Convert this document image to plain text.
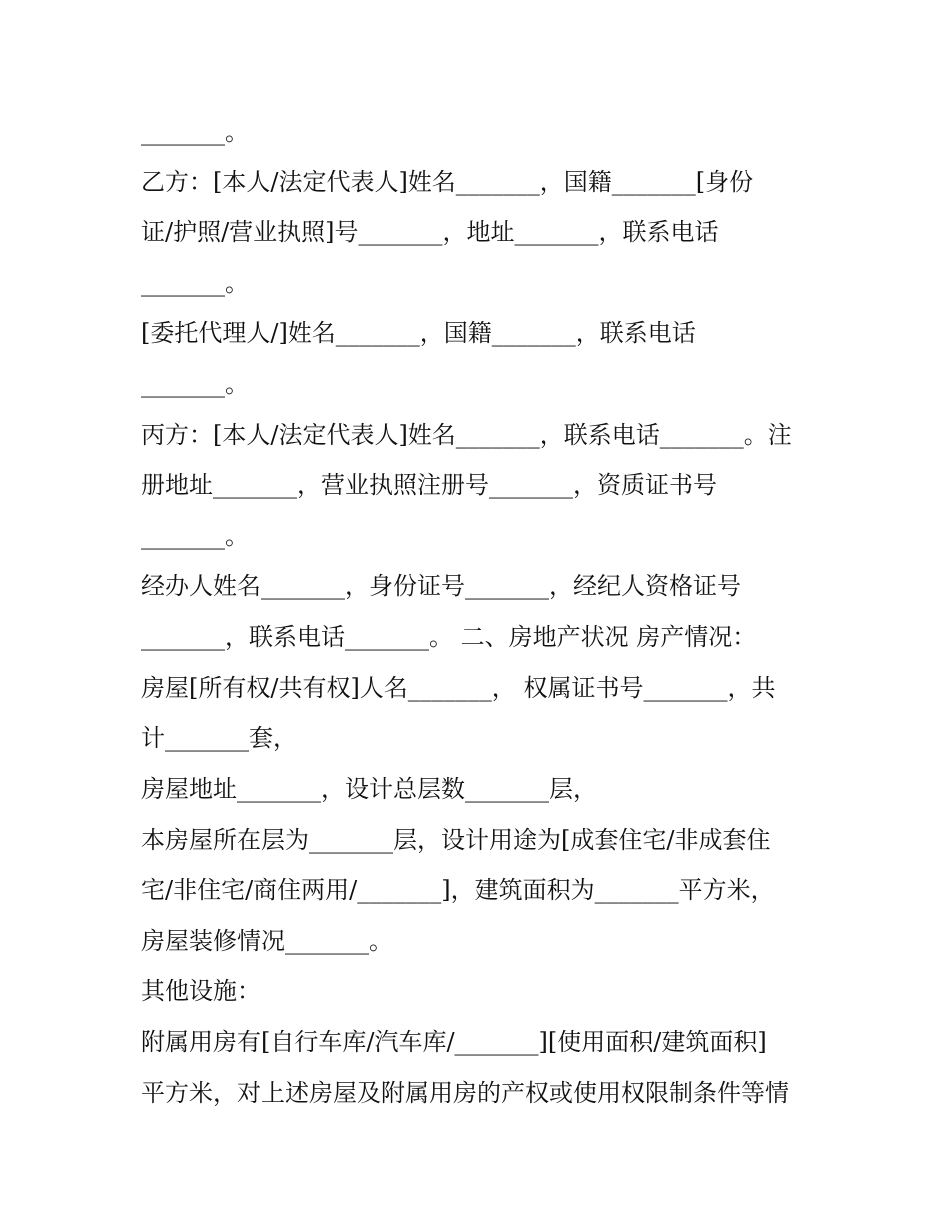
_______。
乙方：[本人/法定代表人]姓名_______，国籍_______[身份
证/护照/营业执照]号_______，地址_______，联系电话
_______。
[委托代理人/]姓名_______，国籍_______，联系电话
_______。
丙方：[本人/法定代表人]姓名_______，联系电话_______。注
册地址_______，营业执照注册号_______，资质证书号
_______。
经办人姓名_______，身份证号_______，经纪人资格证号
_______，联系电话_______。 二、房地产状况 房产情况：
房屋[所有权/共有权]人名_______， 权属证书号_______，共
计_______套，
房屋地址_______，设计总层数_______层，
本房屋所在层为_______层，设计用途为[成套住宅/非成套住
宅/非住宅/商住两用/_______]，建筑面积为_______平方米，
房屋装修情况_______。
其他设施：
附属用房有[自行车库/汽车库/_______][使用面积/建筑面积]
平方米，对上述房屋及附属用房的产权或使用权限制条件等情
